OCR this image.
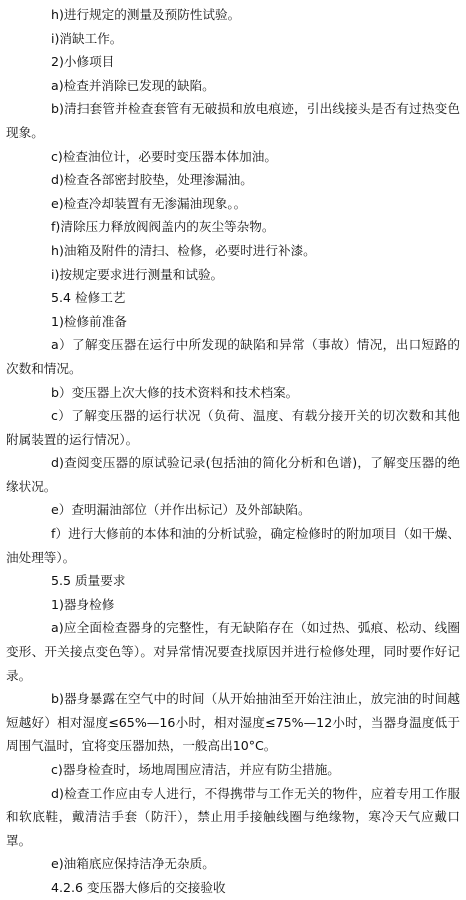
h)进行规定的测量及预防性试验。

i)消缺工作。

2)小修项目

a)检查并消除已发现的缺陷。

b)清扫套管并检查套管有无破损和放电痕迹，引出线接头是否有过热变色现象。

c)检查油位计，必要时变压器本体加油。

d)检查各部密封胶垫，处理渗漏油。

e)检查冷却装置有无渗漏油现象。。

f)清除压力释放阀阀盖内的灰尘等杂物。

h)油箱及附件的清扫、检修，必要时进行补漆。

i)按规定要求进行测量和试验。

5.4 检修工艺

1)检修前准备

a）了解变压器在运行中所发现的缺陷和异常（事故）情况，出口短路的次数和情况。

b）变压器上次大修的技术资料和技术档案。

c）了解变压器的运行状况（负荷、温度、有载分接开关的切次数和其他附属装置的运行情况）。

d)查阅变压器的原试验记录(包括油的简化分析和色谱)，了解变压器的绝缘状况。

e）查明漏油部位（并作出标记）及外部缺陷。

f）进行大修前的本体和油的分析试验，确定检修时的附加项目（如干燥、油处理等）。

5.5 质量要求

1)器身检修

a)应全面检查器身的完整性，有无缺陷存在（如过热、弧痕、松动、线圈变形、开关接点变色等）。对异常情况要查找原因并进行检修处理，同时要作好记录。

b)器身暴露在空气中的时间（从开始抽油至开始注油止，放完油的时间越短越好）相对湿度≤65%—16小时，相对湿度≤75%—12小时，当器身温度低于周围气温时，宜将变压器加热，一般高出10°C。

c)器身检查时，场地周围应清洁，并应有防尘措施。

d)检查工作应由专人进行，不得携带与工作无关的物件，应着专用工作服和软底鞋，戴清洁手套（防汗），禁止用手接触线圈与绝缘物，寒冷天气应戴口罩。

e)油箱底应保持洁净无杂质。

4.2.6 变压器大修后的交接验收
